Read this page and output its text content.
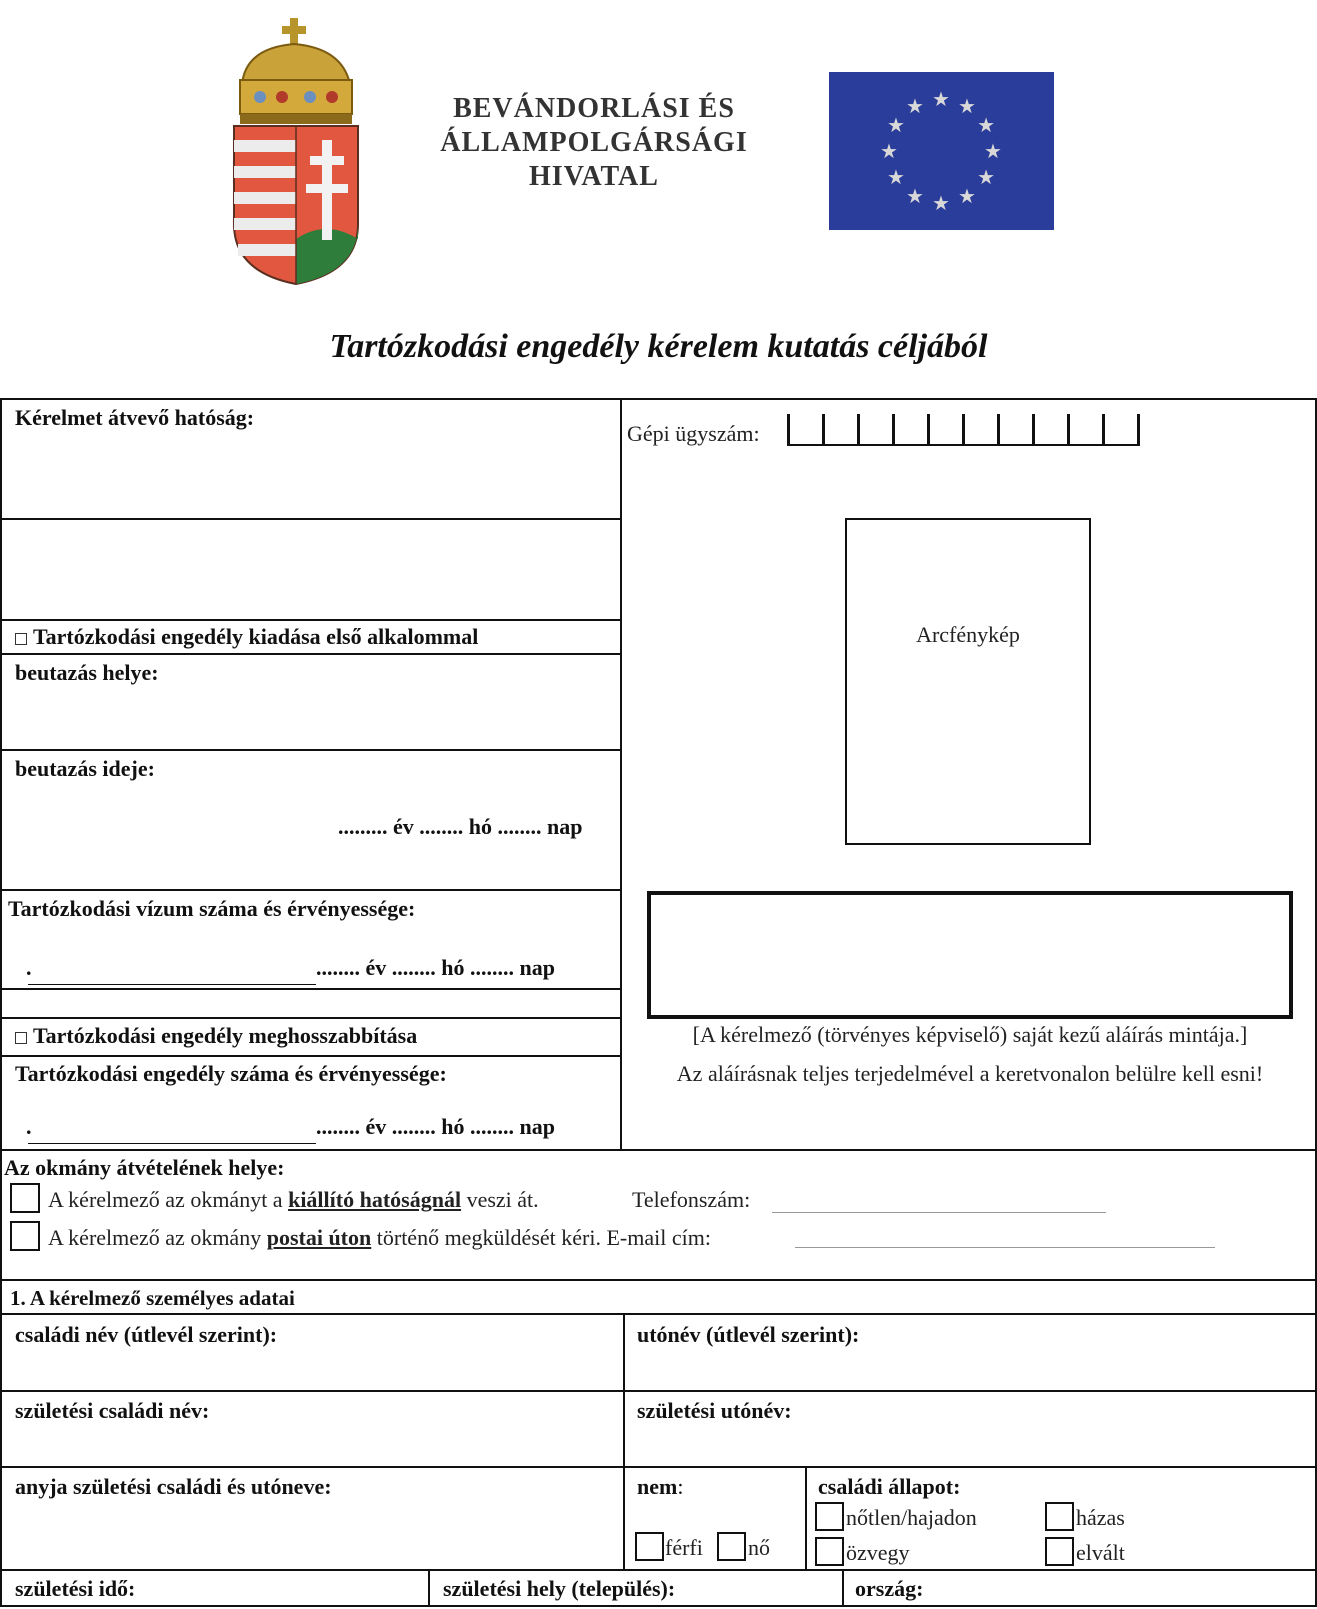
BEVÁNDORLÁSI ÉS
ÁLLAMPOLGÁRSÁGI
HIVATAL
★ ★
★
★
★
★
★
★
★
★
★
★
Tartózkodási engedély kérelem kutatás céljából
Kérelmet átvevő hatóság:
Tartózkodási engedély kiadása első alkalommal
beutazás helye:
beutazás ideje:
......... év ........ hó ........ nap
Tartózkodási vízum száma és érvényessége:
.	........ év ........ hó ........ nap
Tartózkodási engedély meghosszabbítása
Tartózkodási engedély száma és érvényessége:
.	........ év ........ hó ........ nap
Gépi ügyszám:
Arcfénykép
[A kérelmező (törvényes képviselő) saját kezű aláírás mintája.]
Az aláírásnak teljes terjedelmével a keretvonalon belülre kell esni!
Az okmány átvételének helye:
A kérelmező az okmányt a kiállító hatóságnál veszi át.	Telefonszám:
A kérelmező az okmány postai úton történő megküldését kéri. E-mail cím:
1. A kérelmező személyes adatai
családi név (útlevél szerint):	utónév (útlevél szerint):
születési családi név:	születési utónév:
anyja születési családi és utóneve:	nem:
férfi nő
családi állapot:
nőtlen/hajadon	házas
özvegy	elvált
születési idő:	születési hely (település):	ország:
